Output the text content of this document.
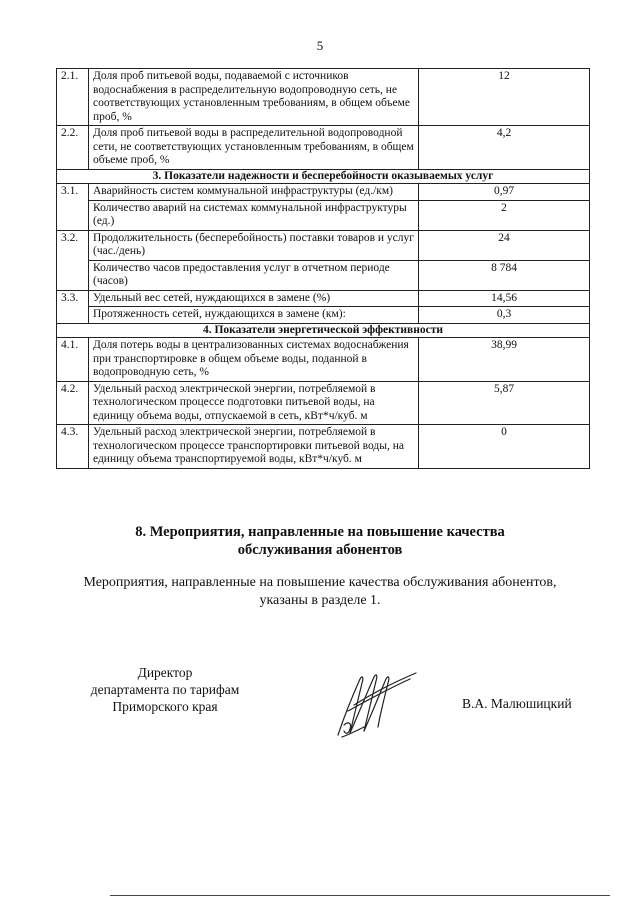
5
2.1.	Доля проб питьевой воды, подаваемой с источников водоснабжения в распределительную водопроводную сеть, не соответствующих установленным требованиям, в общем объеме проб, %	12
2.2.	Доля проб питьевой воды в распределительной водопроводной сети, не соответствующих установленным требованиям, в общем объеме проб, %	4,2
3. Показатели надежности и бесперебойности оказываемых услуг		
3.1.	Аварийность систем коммунальной инфраструктуры (ед./км)	0,97
	Количество аварий на системах коммунальной инфраструктуры (ед.)	2
3.2.	Продолжительность (бесперебойность) поставки товаров и услуг (час./день)	24
	Количество часов предоставления услуг в отчетном периоде (часов)	8 784
3.3.	Удельный вес сетей, нуждающихся в замене (%)	14,56
	Протяженность сетей, нуждающихся в замене (км):	0,3
4. Показатели энергетической эффективности		
4.1.	Доля потерь воды в централизованных системах водоснабжения при транспортировке в общем объеме воды, поданной в водопроводную сеть, %	38,99
4.2.	Удельный расход электрической энергии, потребляемой в технологическом процессе подготовки питьевой воды, на единицу объема воды, отпускаемой в сеть, кВт*ч/куб. м	5,87
4.3.	Удельный расход электрической энергии, потребляемой в технологическом процессе транспортировки питьевой воды, на единицу объема транспортируемой воды, кВт*ч/куб. м	0
8. Мероприятия, направленные на повышение качества
обслуживания абонентов
Мероприятия, направленные на повышение качества обслуживания абонентов,
указаны в разделе 1.
Директор
департамента по тарифам
Приморского края	В.А. Малюшицкий
